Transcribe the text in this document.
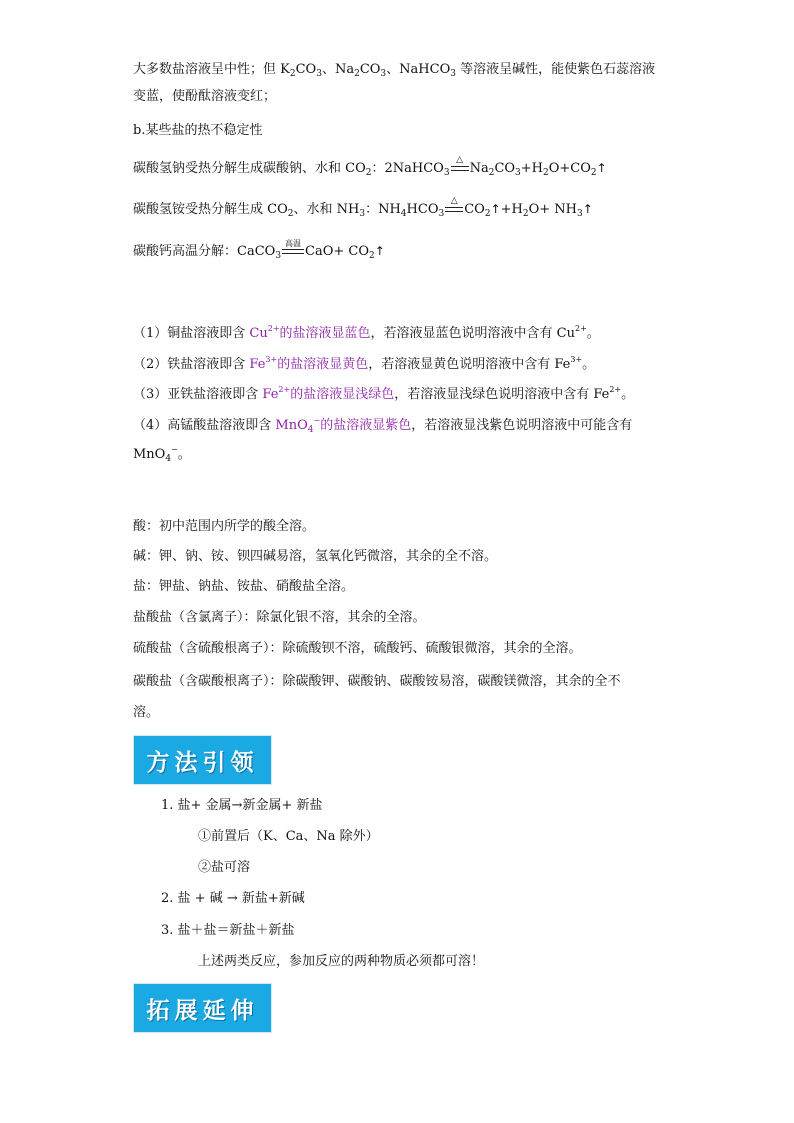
大多数盐溶液呈中性；但 $K_2CO_3$、$Na_2CO_3$、NaHCO$_3$ 等溶液呈碱性，能使紫色石蕊溶液
变蓝，使酚酞溶液变红；
b.某些盐的热不稳定性
碳酸氢钠受热分解生成碳酸钠、水和 $CO_2$：2NaHCO$_3$
△
$Na_2CO_3+H_2O+CO_2↑$
碳酸氢铵受热分解生成 $CO_2$、水和 $NH_3$：$NH_4HCO_3$
△
$CO_2↑+H_2O+$ $NH_3↑$
碳酸钙高温分解：CaCO$_3$
高温
$CaO+ CO_2↑$
（1）铜盐溶液即含 $Cu^{2+}$的盐溶液显蓝色，若溶液显蓝色说明溶液中含有 $Cu^{2+}$。
（2）铁盐溶液即含 $Fe^{3+}$的盐溶液显黄色，若溶液显黄色说明溶液中含有 $Fe^{3+}$。
（3）亚铁盐溶液即含 $Fe^{2+}$的盐溶液显浅绿色，若溶液显浅绿色说明溶液中含有 $Fe^{2+}$。
（4）高锰酸盐溶液即含 MnO$_4$−的盐溶液显紫色，若溶液显浅紫色说明溶液中可能含有
MnO$_4$−。
酸：初中范围内所学的酸全溶。
碱：钾、钠、铵、钡四碱易溶，氢氧化钙微溶，其余的全不溶。
盐：钾盐、钠盐、铵盐、硝酸盐全溶。
盐酸盐（含氯离子）：除氯化银不溶，其余的全溶。
硫酸盐（含硫酸根离子）：除硫酸钡不溶，硫酸钙、硫酸银微溶，其余的全溶。
碳酸盐（含碳酸根离子）：除碳酸钾、碳酸钠、碳酸铵易溶，碳酸镁微溶，其余的全不
溶。
方法引领
1. 盐+ 金属→新金属+ 新盐
①前置后（K、Ca、Na 除外）
②盐可溶
2. 盐 + 碱 → 新盐+新碱
3. 盐＋盐＝新盐＋新盐
上述两类反应，参加反应的两种物质必须都可溶！
拓展延伸
